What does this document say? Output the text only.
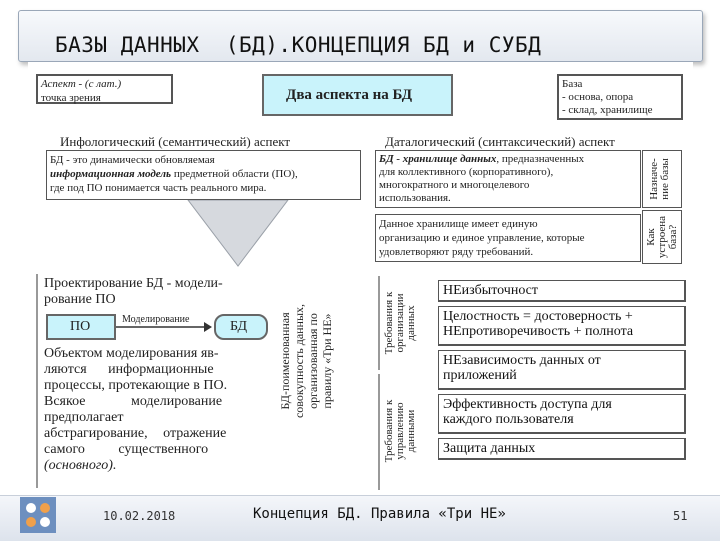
БАЗЫ ДАННЫХ  (БД).КОНЦЕПЦИЯ БД и СУБД
Аспект - (с лат.)
точка зрения	Два аспекта на БД
База
- основа, опора
- склад, хранилище
Инфологический (семантический) аспект	Даталогический (синтаксический) аспект
БД - это динамически обновляемая
информационная модель предметной области (ПО),
где под ПО понимается часть реального мира.
БД - хранилище данных, предназначенных
для коллективного (корпоративного),
многократного и многоцелевого
использования.
Данное хранилище имеет единую
организацию и единое управление, которые
удовлетворяют ряду требований.
Назначе-
ние базы
Как
устроена
база?
Проектирование БД - модели-
рование ПО
ПО	Моделирование	БД
Объектом моделирования яв-
ляются информационные
процессы, протекающие в ПО.
Всякое моделирование
предполагает
абстрагирование, отражение
самого существенного
(основного).
БД-поименованная
совокупность данных,
организованная по
правилу «Три НЕ»	Требования к
организации
данных
Требования к
управлению
данными
НЕизбыточност
Целостность = достоверность +
НЕпротиворечивость + полнота
НЕзависимость данных от
приложений
Эффективность доступа для
каждого пользователя
Защита данных
10.02.2018	Концепция БД. Правила «Три НЕ»	51
